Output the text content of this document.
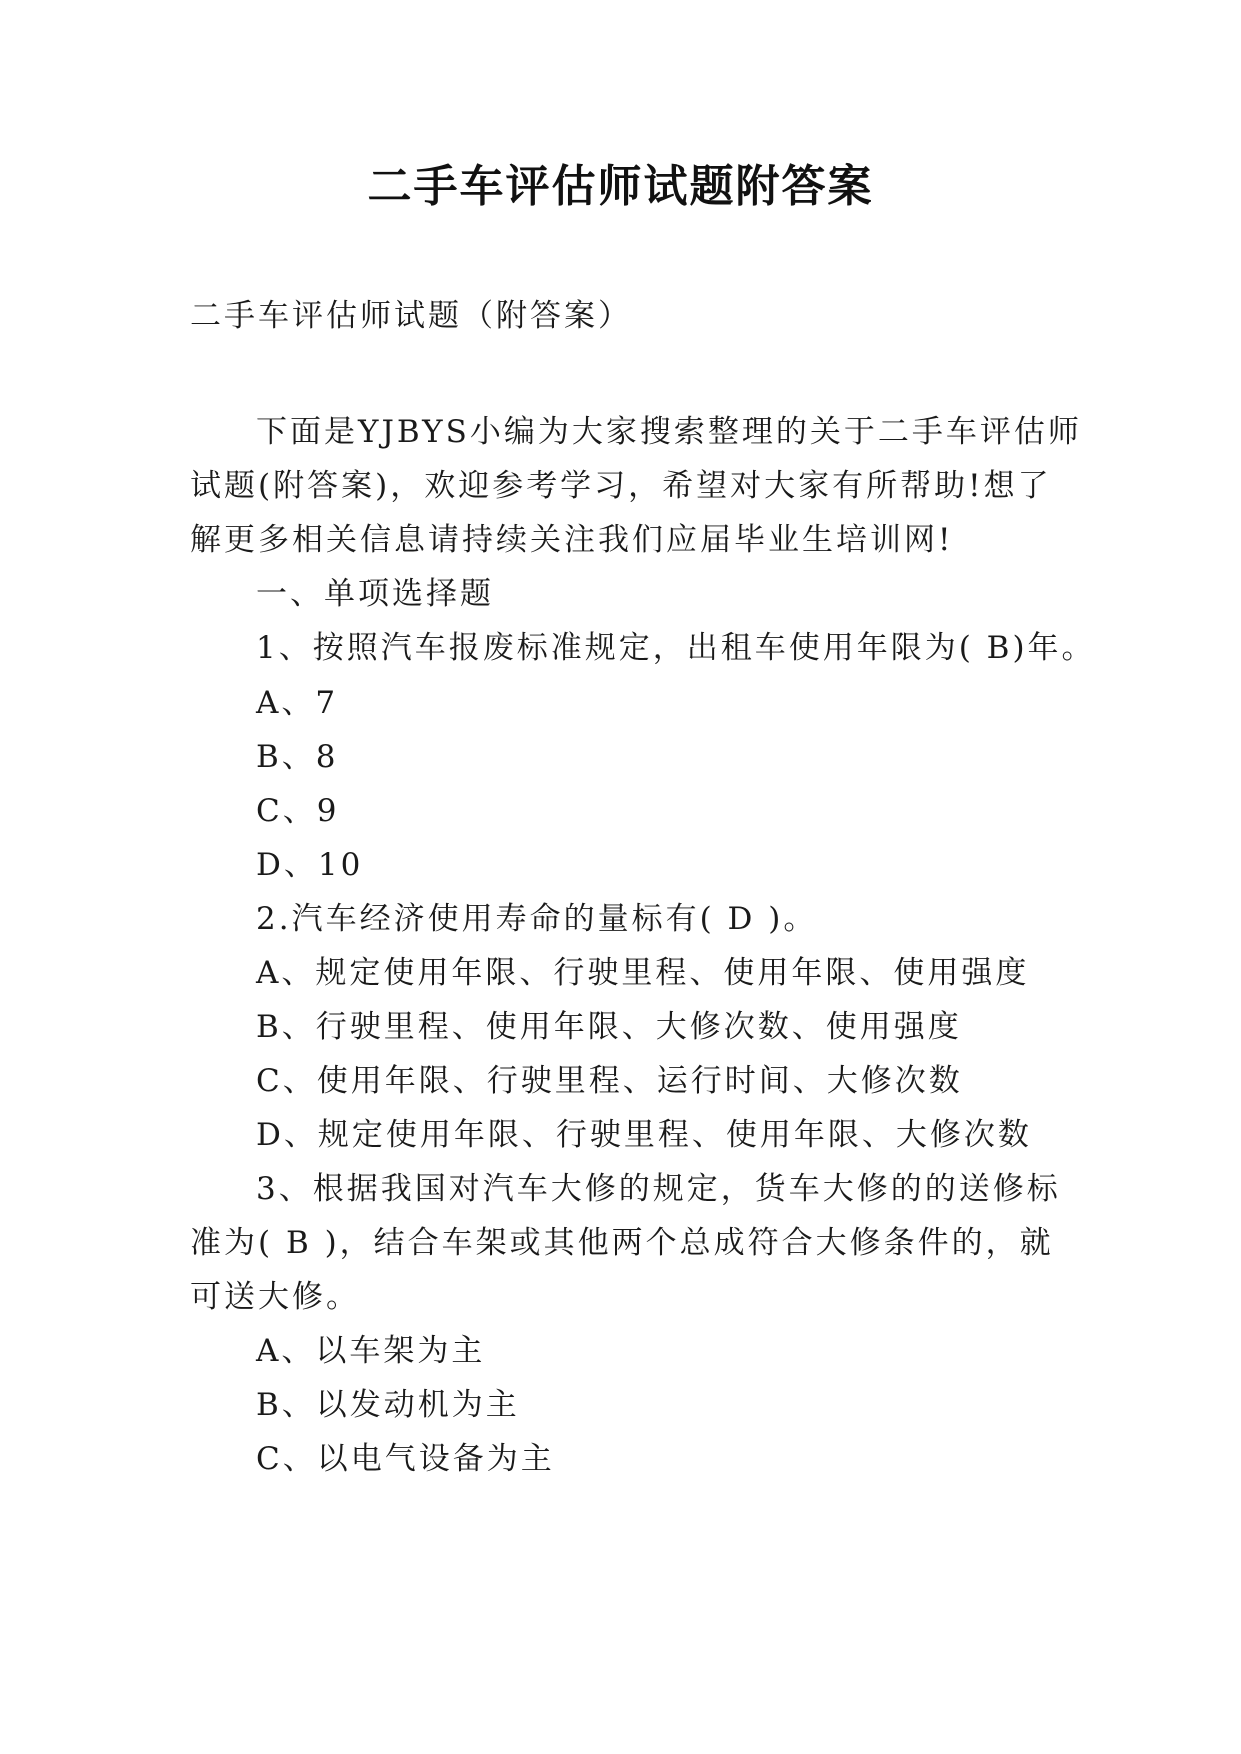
二手车评估师试题附答案
二手车评估师试题（附答案）
下面是YJBYS小编为大家搜索整理的关于二手车评估师
试题(附答案)，欢迎参考学习，希望对大家有所帮助!想了
解更多相关信息请持续关注我们应届毕业生培训网!
一、单项选择题
1、按照汽车报废标准规定，出租车使用年限为( B)年。
A、7
B、8
C、9
D、10
2.汽车经济使用寿命的量标有( D )。
A、规定使用年限、行驶里程、使用年限、使用强度
B、行驶里程、使用年限、大修次数、使用强度
C、使用年限、行驶里程、运行时间、大修次数
D、规定使用年限、行驶里程、使用年限、大修次数
3、根据我国对汽车大修的规定，货车大修的的送修标
准为( B )，结合车架或其他两个总成符合大修条件的，就
可送大修。
A、以车架为主
B、以发动机为主
C、以电气设备为主
